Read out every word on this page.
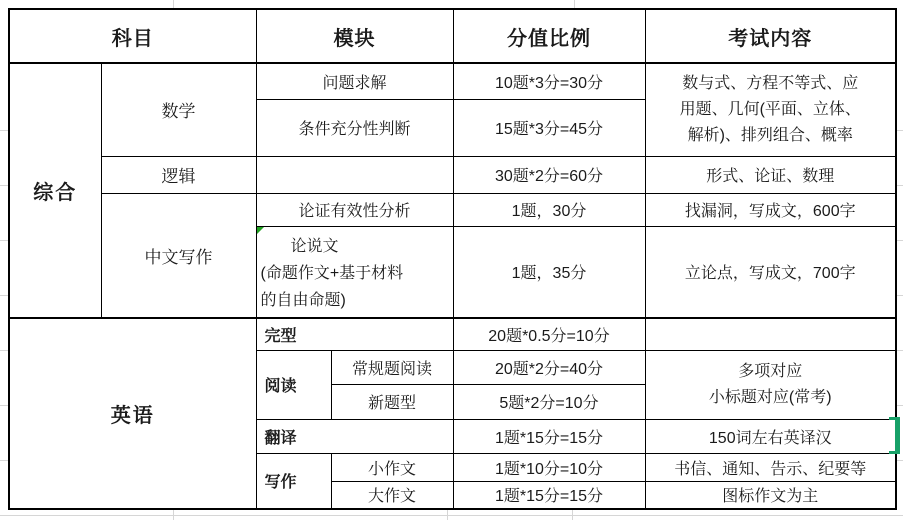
科目		模块		分值比例	考试内容
综合	数学	问题求解		10题*3分=30分	数与式、方程不等式、应
用题、几何(平面、立体、
解析)、排列组合、概率

		条件充分性判断		15题*3分=45分	
	逻辑			30题*2分=60分	形式、论证、数理
	中文写作	论证有效性分析		1题，30分	找漏洞，写成文，600字

		论说文
(命题作文+基于材料
的自由命题)		1题，35分	立论点，写成文，700字
英语		完型		20题*0.5分=10分	
		阅读	常规题阅读	20题*2分=40分	多项对应
小标题对应(常考)

			新题型	5题*2分=10分	
		翻译		1题*15分=15分	150词左右英译汉
		写作	小作文	1题*10分=10分	书信、通知、告示、纪要等
			大作文	1题*15分=15分	图标作文为主
